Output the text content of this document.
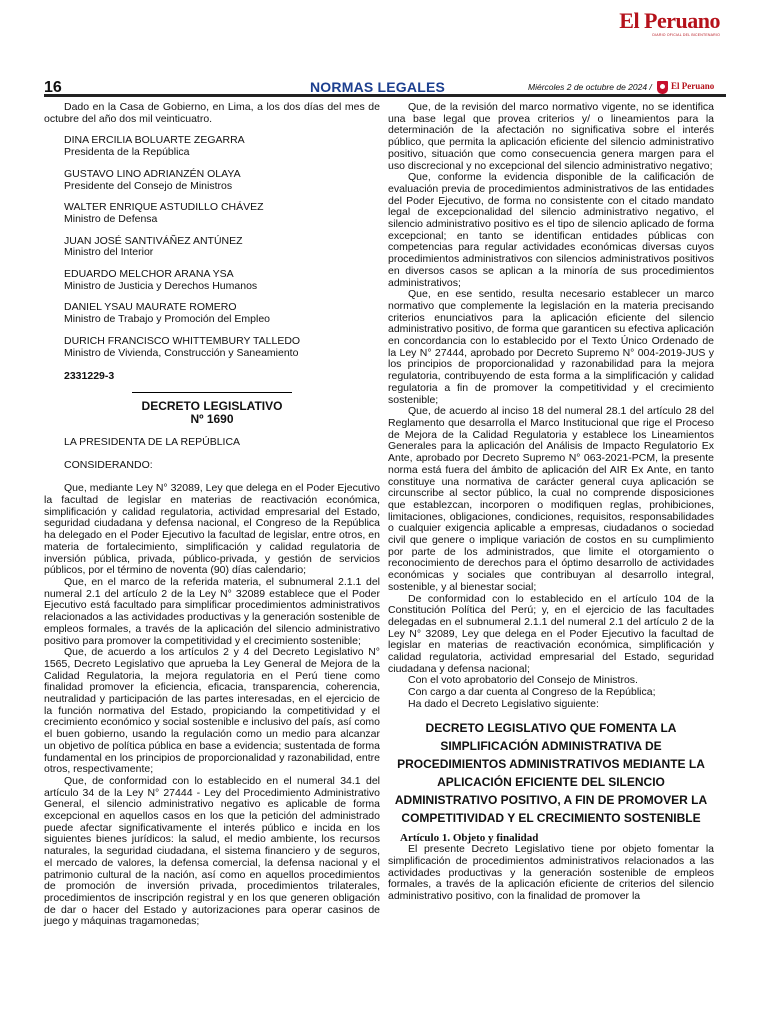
El Peruano
DIARIO OFICIAL DEL BICENTENARIO
16	NORMAS LEGALES	Miércoles 2 de octubre de 2024 / El Peruano

Dado en la Casa de Gobierno, en Lima, a los dos días del mes de octubre del año dos mil veinticuatro.

DINA ERCILIA BOLUARTE ZEGARRA
Presidenta de la República
GUSTAVO LINO ADRIANZÉN OLAYA
Presidente del Consejo de Ministros
WALTER ENRIQUE ASTUDILLO CHÁVEZ
Ministro de Defensa
JUAN JOSÉ SANTIVÁÑEZ ANTÚNEZ
Ministro del Interior
EDUARDO MELCHOR ARANA YSA
Ministro de Justicia y Derechos Humanos
DANIEL YSAU MAURATE ROMERO
Ministro de Trabajo y Promoción del Empleo
DURICH FRANCISCO WHITTEMBURY TALLEDO
Ministro de Vivienda, Construcción y Saneamiento
2331229-3
DECRETO LEGISLATIVO
Nº 1690
LA PRESIDENTA DE LA REPÚBLICA
CONSIDERANDO:

Que, mediante Ley N° 32089, Ley que delega en el Poder Ejecutivo la facultad de legislar en materias de reactivación económica, simplificación y calidad regulatoria, actividad empresarial del Estado, seguridad ciudadana y defensa nacional, el Congreso de la República ha delegado en el Poder Ejecutivo la facultad de legislar, entre otros, en materia de fortalecimiento, simplificación y calidad regulatoria de inversión pública, privada, público-privada, y gestión de servicios públicos, por el término de noventa (90) días calendario;

Que, en el marco de la referida materia, el subnumeral 2.1.1 del numeral 2.1 del artículo 2 de la Ley N° 32089 establece que el Poder Ejecutivo está facultado para simplificar procedimientos administrativos relacionados a las actividades productivas y la generación sostenible de empleos formales, a través de la aplicación del silencio administrativo positivo para promover la competitividad y el crecimiento sostenible;

Que, de acuerdo a los artículos 2 y 4 del Decreto Legislativo N° 1565, Decreto Legislativo que aprueba la Ley General de Mejora de la Calidad Regulatoria, la mejora regulatoria en el Perú tiene como finalidad promover la eficiencia, eficacia, transparencia, coherencia, neutralidad y participación de las partes interesadas, en el ejercicio de la función normativa del Estado, propiciando la competitividad y el crecimiento económico y social sostenible e inclusivo del país, así como el buen gobierno, usando la regulación como un medio para alcanzar un objetivo de política pública en base a evidencia; sustentada de forma fundamental en los principios de proporcionalidad y razonabilidad, entre otros, respectivamente;

Que, de conformidad con lo establecido en el numeral 34.1 del artículo 34 de la Ley N° 27444 - Ley del Procedimiento Administrativo General, el silencio administrativo negativo es aplicable de forma excepcional en aquellos casos en los que la petición del administrado puede afectar significativamente el interés público e incida en los siguientes bienes jurídicos: la salud, el medio ambiente, los recursos naturales, la seguridad ciudadana, el sistema financiero y de seguros, el mercado de valores, la defensa comercial, la defensa nacional y el patrimonio cultural de la nación, así como en aquellos procedimientos de promoción de inversión privada, procedimientos trilaterales, procedimientos de inscripción registral y en los que generen obligación de dar o hacer del Estado y autorizaciones para operar casinos de juego y máquinas tragamonedas;

Que, de la revisión del marco normativo vigente, no se identifica una base legal que provea criterios y/ o lineamientos para la determinación de la afectación no significativa sobre el interés público, que permita la aplicación eficiente del silencio administrativo positivo, situación que como consecuencia genera margen para el uso discrecional y no excepcional del silencio administrativo negativo;

Que, conforme la evidencia disponible de la calificación de evaluación previa de procedimientos administrativos de las entidades del Poder Ejecutivo, de forma no consistente con el citado mandato legal de excepcionalidad del silencio administrativo negativo, el silencio administrativo positivo es el tipo de silencio aplicado de forma excepcional; en tanto se identifican entidades públicas con competencias para regular actividades económicas diversas cuyos procedimientos administrativos con silencios administrativos positivos en diversos casos se aplican a la minoría de sus procedimientos administrativos;

Que, en ese sentido, resulta necesario establecer un marco normativo que complemente la legislación en la materia precisando criterios enunciativos para la aplicación eficiente del silencio administrativo positivo, de forma que garanticen su efectiva aplicación en concordancia con lo establecido por el Texto Único Ordenado de la Ley N° 27444, aprobado por Decreto Supremo N° 004-2019-JUS y los principios de proporcionalidad y razonabilidad para la mejora regulatoria, contribuyendo de esta forma a la simplificación y calidad regulatoria a fin de promover la competitividad y el crecimiento sostenible;

Que, de acuerdo al inciso 18 del numeral 28.1 del artículo 28 del Reglamento que desarrolla el Marco Institucional que rige el Proceso de Mejora de la Calidad Regulatoria y establece los Lineamientos Generales para la aplicación del Análisis de Impacto Regulatorio Ex Ante, aprobado por Decreto Supremo N° 063-2021-PCM, la presente norma está fuera del ámbito de aplicación del AIR Ex Ante, en tanto constituye una normativa de carácter general cuya aplicación se circunscribe al sector público, la cual no comprende disposiciones que establezcan, incorporen o modifiquen reglas, prohibiciones, limitaciones, obligaciones, condiciones, requisitos, responsabilidades o cualquier exigencia aplicable a empresas, ciudadanos o sociedad civil que genere o implique variación de costos en su cumplimiento por parte de los administrados, que limite el otorgamiento o reconocimiento de derechos para el óptimo desarrollo de actividades económicas y sociales que contribuyan al desarrollo integral, sostenible, y al bienestar social;

De conformidad con lo establecido en el artículo 104 de la Constitución Política del Perú; y, en el ejercicio de las facultades delegadas en el subnumeral 2.1.1 del numeral 2.1 del artículo 2 de la Ley N° 32089, Ley que delega en el Poder Ejecutivo la facultad de legislar en materias de reactivación económica, simplificación y calidad regulatoria, actividad empresarial del Estado, seguridad ciudadana y defensa nacional;

Con el voto aprobatorio del Consejo de Ministros.

Con cargo a dar cuenta al Congreso de la República;

Ha dado el Decreto Legislativo siguiente:

DECRETO LEGISLATIVO QUE FOMENTA LA SIMPLIFICACIÓN ADMINISTRATIVA DE PROCEDIMIENTOS ADMINISTRATIVOS MEDIANTE LA APLICACIÓN EFICIENTE DEL SILENCIO ADMINISTRATIVO POSITIVO, A FIN DE PROMOVER LA COMPETITIVIDAD Y EL CRECIMIENTO SOSTENIBLE
Artículo 1. Objeto y finalidad

El presente Decreto Legislativo tiene por objeto fomentar la simplificación de procedimientos administrativos relacionados a las actividades productivas y la generación sostenible de empleos formales, a través de la aplicación eficiente de criterios del silencio administrativo positivo, con la finalidad de promover la
